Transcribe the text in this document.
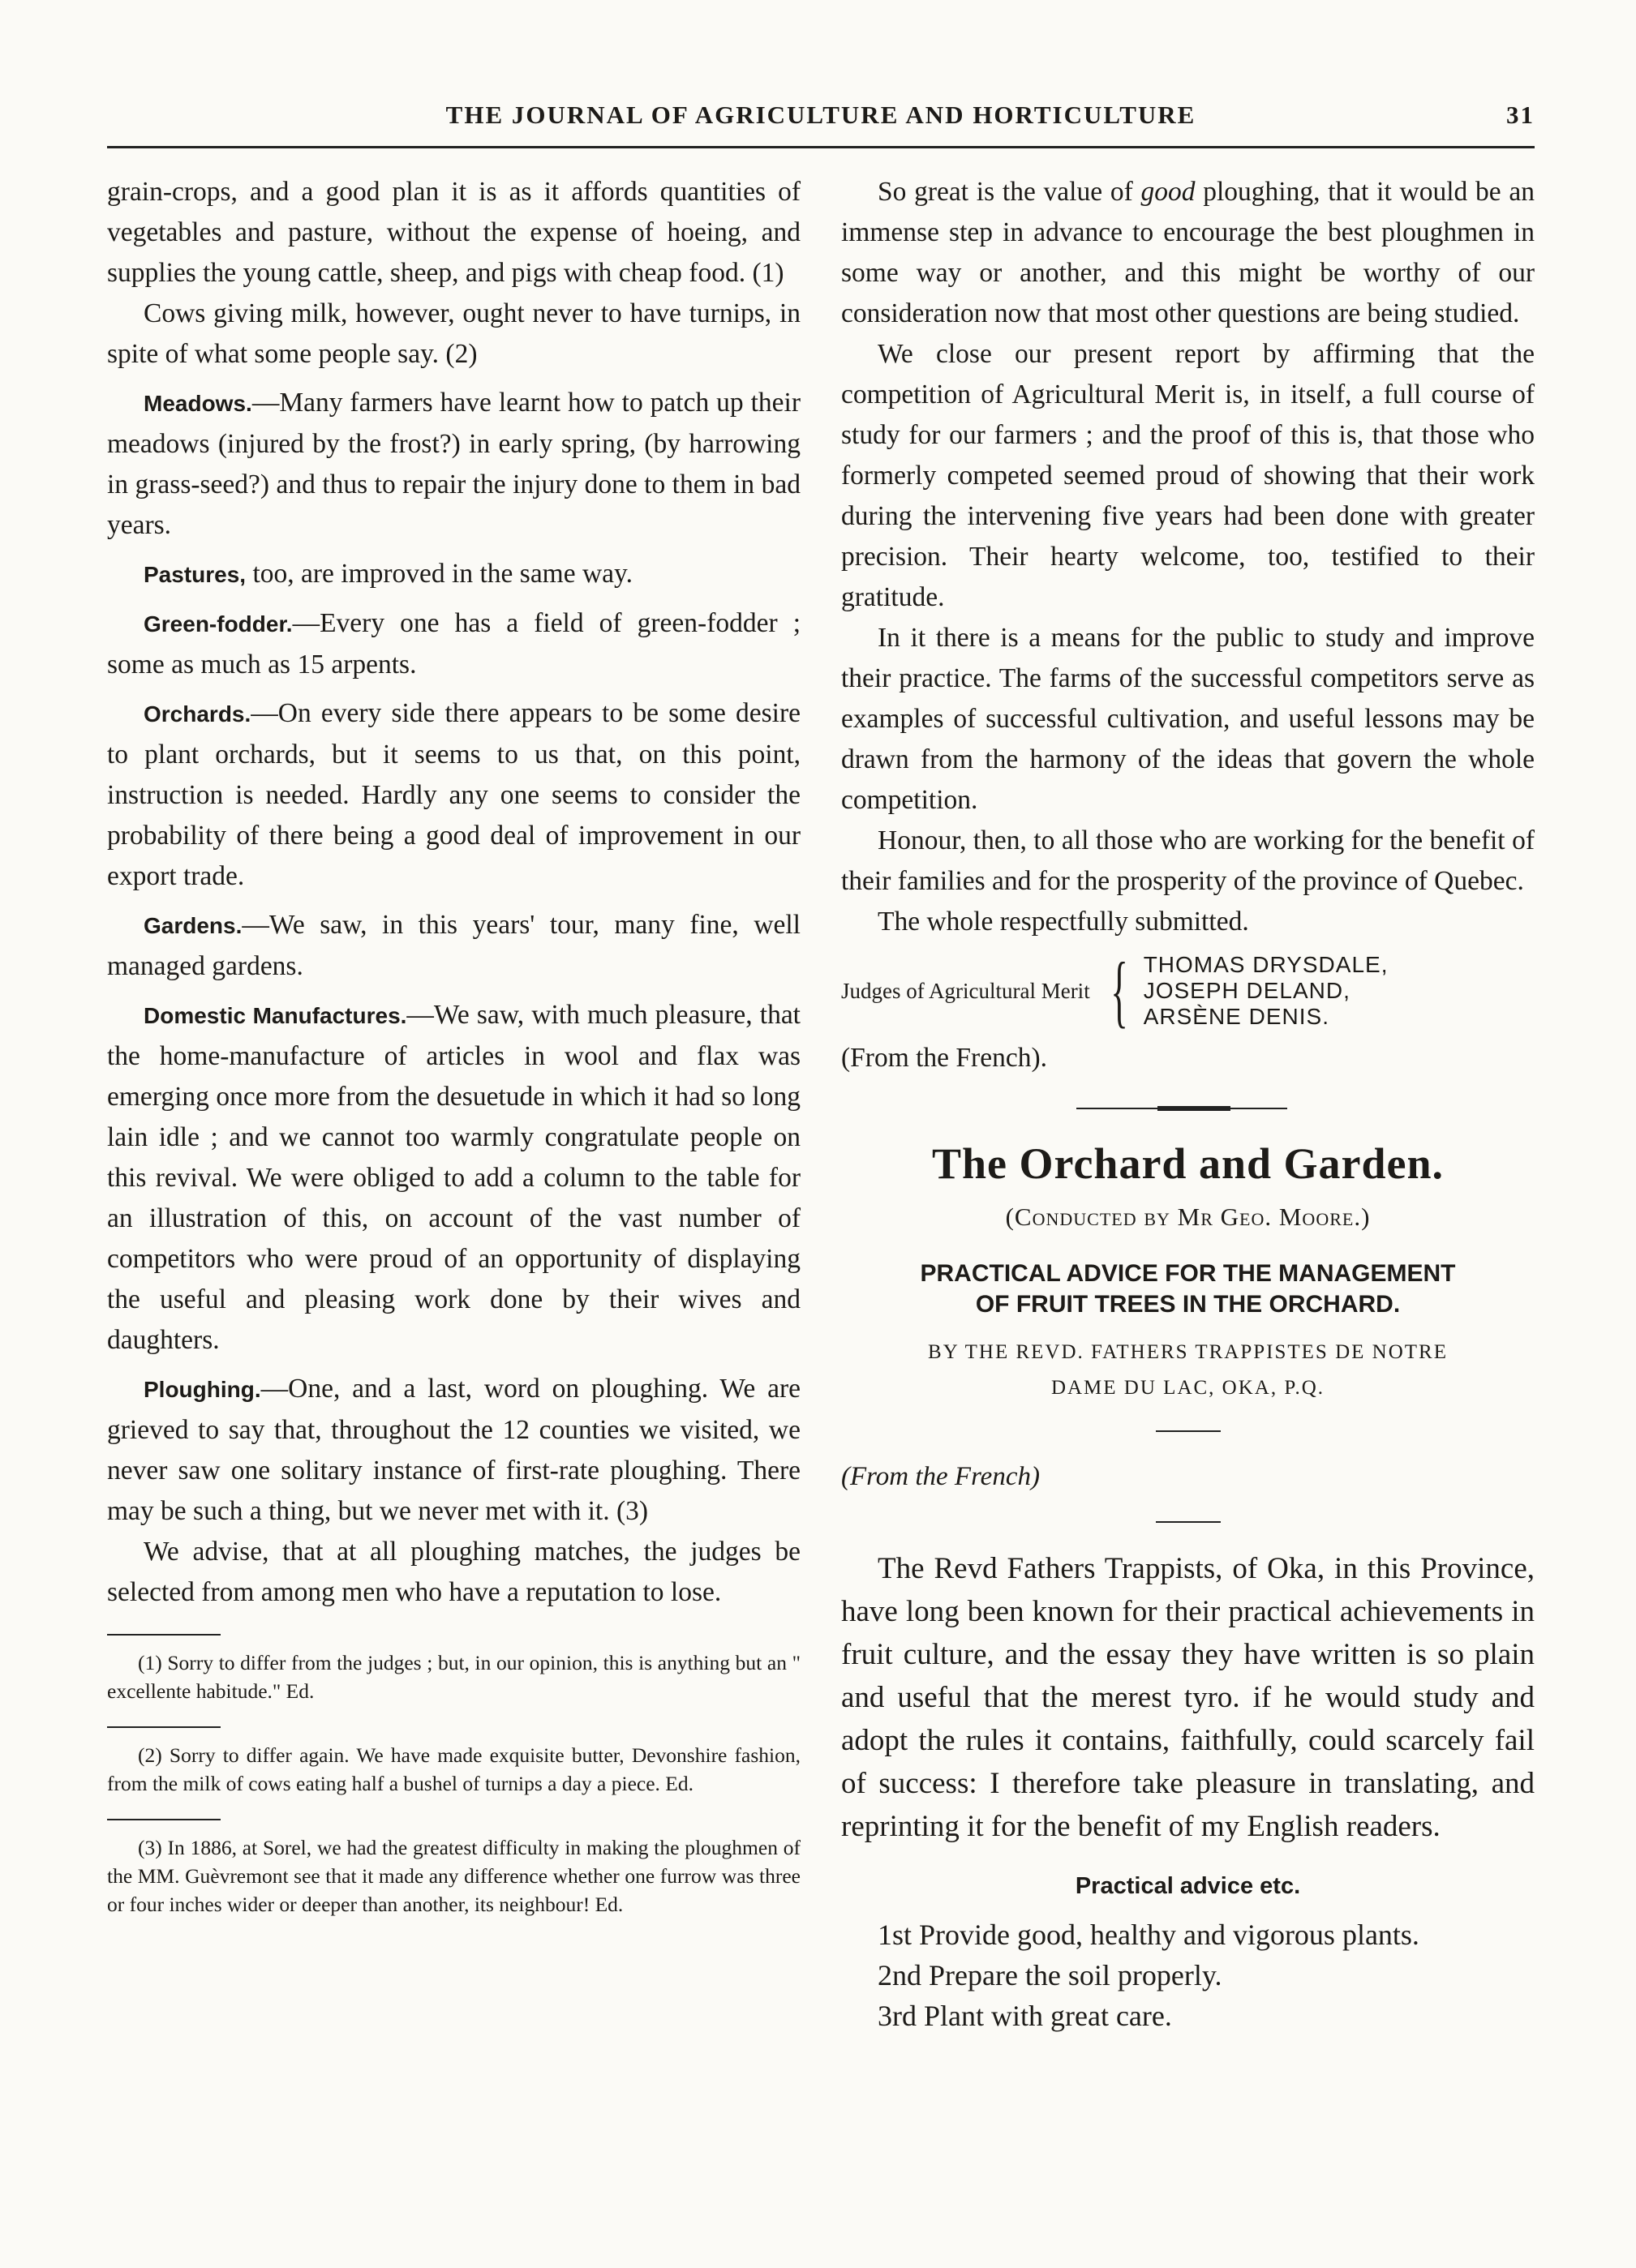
THE JOURNAL OF AGRICULTURE AND HORTICULTURE	31

grain-crops, and a good plan it is as it affords quantities of vegetables and pasture, without the expense of hoeing, and supplies the young cattle, sheep, and pigs with cheap food. (1)

Cows giving milk, however, ought never to have turnips, in spite of what some people say. (2)

Meadows.—Many farmers have learnt how to patch up their meadows (injured by the frost?) in early spring, (by harrowing in grass-seed?) and thus to repair the injury done to them in bad years.

Pastures, too, are improved in the same way.

Green-fodder.—Every one has a field of green-fodder ; some as much as 15 arpents.

Orchards.—On every side there appears to be some desire to plant orchards, but it seems to us that, on this point, instruction is needed. Hardly any one seems to consider the probability of there being a good deal of improvement in our export trade.

Gardens.—We saw, in this years' tour, many fine, well managed gardens.

Domestic Manufactures.—We saw, with much pleasure, that the home-manufacture of articles in wool and flax was emerging once more from the desuetude in which it had so long lain idle ; and we cannot too warmly congratulate people on this revival. We were obliged to add a column to the table for an illustration of this, on account of the vast number of competitors who were proud of an opportunity of displaying the useful and pleasing work done by their wives and daughters.

Ploughing.—One, and a last, word on ploughing. We are grieved to say that, throughout the 12 counties we visited, we never saw one solitary instance of first-rate ploughing. There may be such a thing, but we never met with it. (3)

We advise, that at all ploughing matches, the judges be selected from among men who have a reputation to lose.

(1) Sorry to differ from the judges ; but, in our opinion, this is anything but an " excellente habitude." Ed.

(2) Sorry to differ again. We have made exquisite butter, Devonshire fashion, from the milk of cows eating half a bushel of turnips a day a piece. Ed.

(3) In 1886, at Sorel, we had the greatest difficulty in making the ploughmen of the MM. Guèvremont see that it made any difference whether one furrow was three or four inches wider or deeper than another, its neighbour! Ed.

So great is the value of good ploughing, that it would be an immense step in advance to encourage the best ploughmen in some way or another, and this might be worthy of our consideration now that most other questions are being studied.

We close our present report by affirming that the competition of Agricultural Merit is, in itself, a full course of study for our farmers ; and the proof of this is, that those who formerly competed seemed proud of showing that their work during the intervening five years had been done with greater precision. Their hearty welcome, too, testified to their gratitude.

In it there is a means for the public to study and improve their practice. The farms of the successful competitors serve as examples of successful cultivation, and useful lessons may be drawn from the harmony of the ideas that govern the whole competition.

Honour, then, to all those who are working for the benefit of their families and for the prosperity of the province of Quebec.

The whole respectfully submitted.

Judges of Agricultural Merit { THOMAS DRYSDALE,
JOSEPH DELAND,
ARSÈNE DENIS.

(From the French).

The Orchard and Garden.
(Conducted by Mr Geo. Moore.)
PRACTICAL ADVICE FOR THE MANAGEMENT
OF FRUIT TREES IN THE ORCHARD.
BY THE REVD. FATHERS TRAPPISTES DE NOTRE
DAME DU LAC, OKA, P.Q.

(From the French)

The Revd Fathers Trappists, of Oka, in this Province, have long been known for their practical achievements in fruit culture, and the essay they have written is so plain and useful that the merest tyro. if he would study and adopt the rules it contains, faithfully, could scarcely fail of success: I therefore take pleasure in translating, and reprinting it for the benefit of my English readers.

Practical advice etc.

1st Provide good, healthy and vigorous plants.

2nd Prepare the soil properly.

3rd Plant with great care.
